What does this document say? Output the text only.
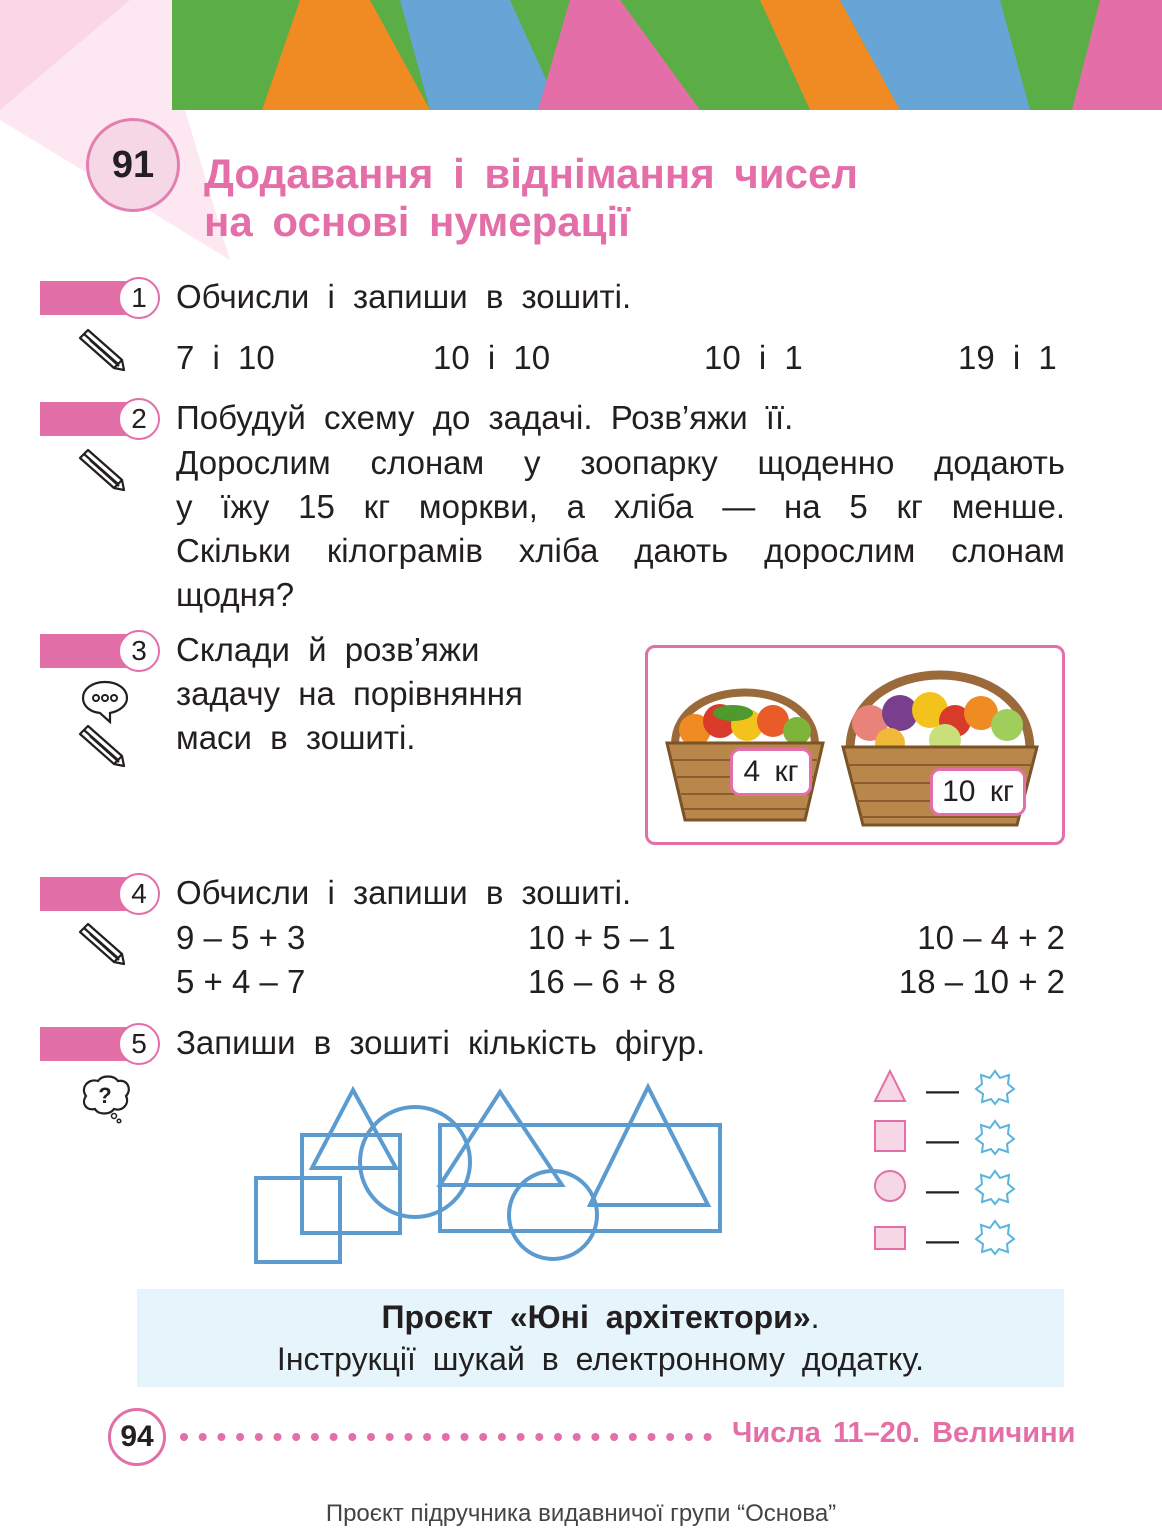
91 Додавання і віднімання чисел
на основі нумерації
1 Обчисли і запиши в зошиті.
7 і 10	10 і 10	10 і 1	19 і 1
2 Побудуй схему до задачі. Розв’яжи її.
Дорослим слонам у зоопарку щоденно додають
у їжу 15 кг моркви, а хліба — на 5 кг менше.
Скільки кілограмів хліба дають дорослим слонам
щодня?
3 Склади й розв’яжи
задачу на порівняння
маси в зошиті.
4 кг
10 кг
4 Обчисли і запиши в зошиті.
9 – 5 + 3	10 + 5 – 1	10 – 4 + 2
5 + 4 – 7	16 – 6 + 8	18 – 10 + 2
5 Запиши в зошиті кількість фігур.
?	—
—
—
—
Проєкт «Юні архітектори».
Інструкції шукай в електронному додатку.
94	Числа 11–20. Величини
Проєкт підручника видавничої групи “Основа”
